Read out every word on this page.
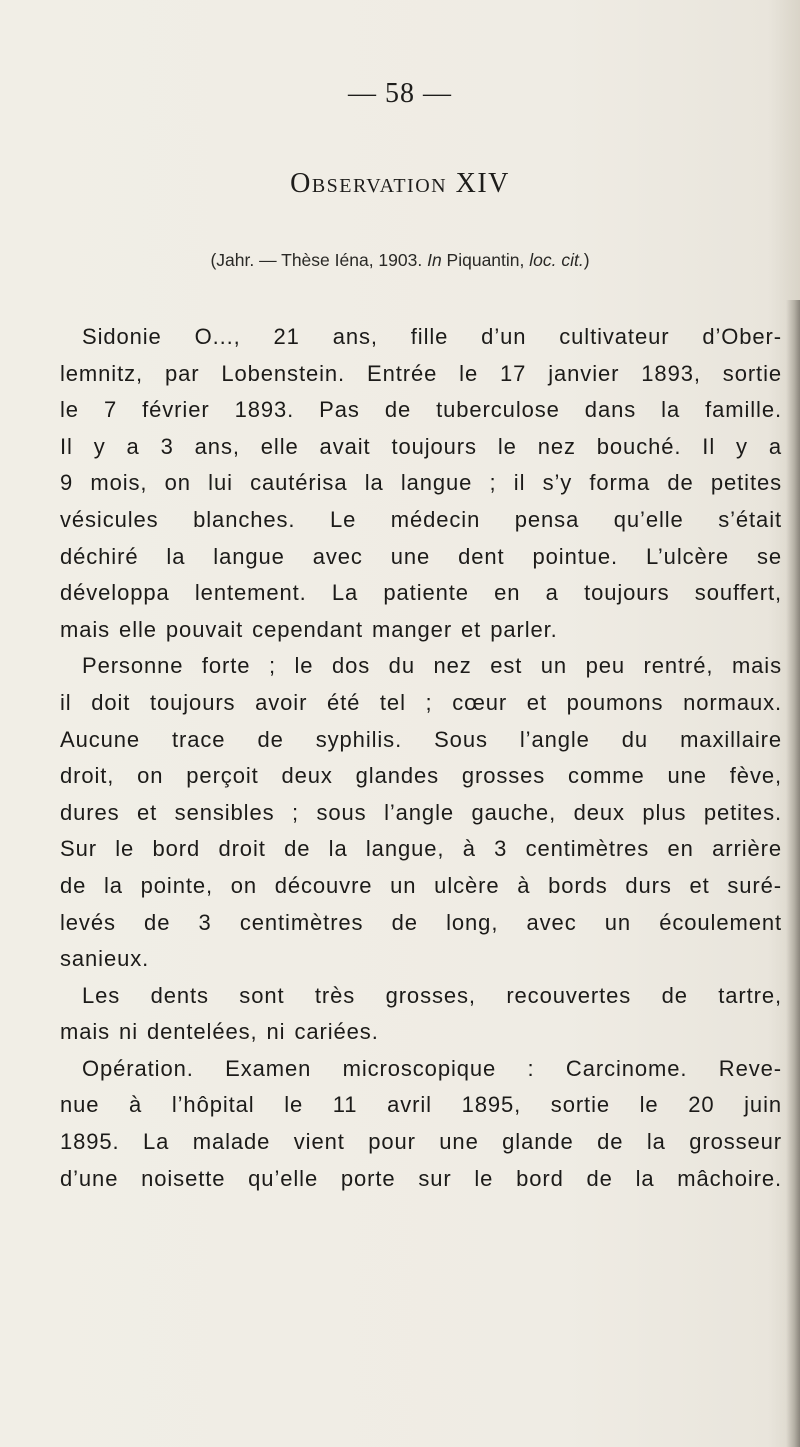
— 58 —
Observation XIV
(Jahr. — Thèse Iéna, 1903. In Piquantin, loc. cit.)
Sidonie O..., 21 ans, fille d’un cultivateur d’Ober-
lemnitz, par Lobenstein. Entrée le 17 janvier 1893, sortie
le 7 février 1893. Pas de tuberculose dans la famille.
Il y a 3 ans, elle avait toujours le nez bouché. Il y a
9 mois, on lui cautérisa la langue ; il s’y forma de petites
vésicules blanches. Le médecin pensa qu’elle s’était
déchiré la langue avec une dent pointue. L’ulcère se
développa lentement. La patiente en a toujours souffert,
mais elle pouvait cependant manger et parler.
Personne forte ; le dos du nez est un peu rentré, mais
il doit toujours avoir été tel ; cœur et poumons normaux.
Aucune trace de syphilis. Sous l’angle du maxillaire
droit, on perçoit deux glandes grosses comme une fève,
dures et sensibles ; sous l’angle gauche, deux plus petites.
Sur le bord droit de la langue, à 3 centimètres en arrière
de la pointe, on découvre un ulcère à bords durs et suré-
levés de 3 centimètres de long, avec un écoulement
sanieux.
Les dents sont très grosses, recouvertes de tartre,
mais ni dentelées, ni cariées.
Opération. Examen microscopique : Carcinome. Reve-
nue à l’hôpital le 11 avril 1895, sortie le 20 juin
1895. La malade vient pour une glande de la grosseur
d’une noisette qu’elle porte sur le bord de la mâchoire.
